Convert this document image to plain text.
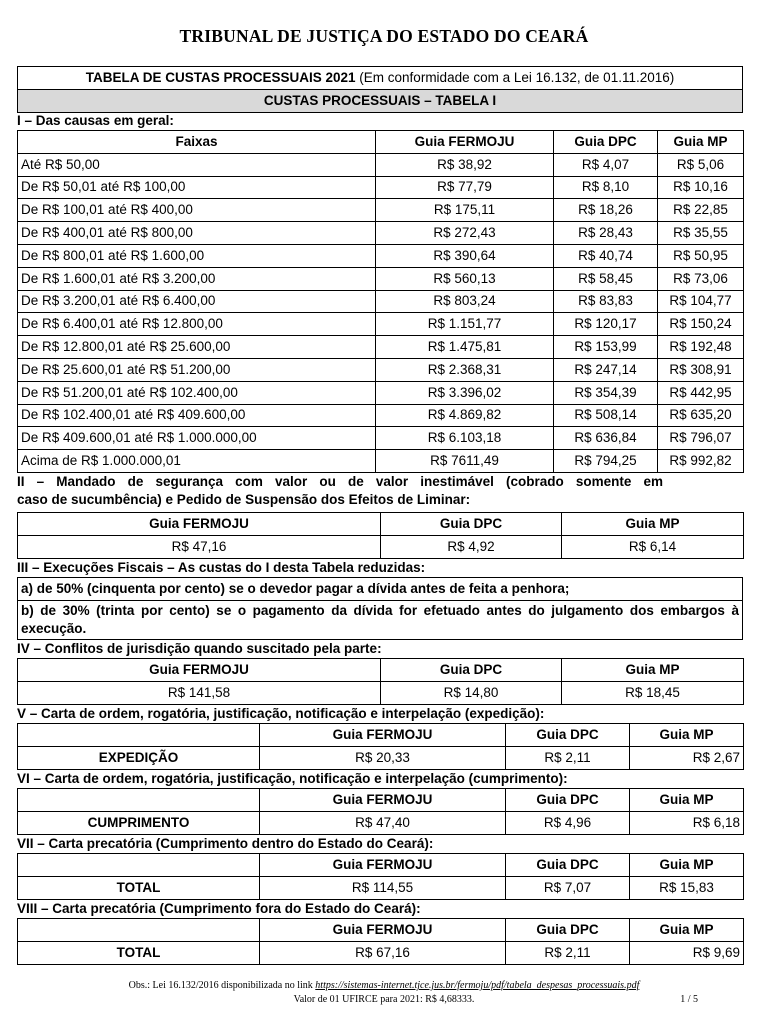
TRIBUNAL DE JUSTIÇA DO ESTADO DO CEARÁ
TABELA DE CUSTAS PROCESSUAIS 2021 (Em conformidade com a Lei 16.132, de 01.11.2016)
CUSTAS PROCESSUAIS – TABELA I
I – Das causas em geral:
Faixas	Guia FERMOJU	Guia DPC	Guia MP
Até R$ 50,00	R$ 38,92	R$ 4,07	R$ 5,06
De R$ 50,01 até R$ 100,00	R$ 77,79	R$ 8,10	R$ 10,16
De R$ 100,01 até R$ 400,00	R$ 175,11	R$ 18,26	R$ 22,85
De R$ 400,01 até R$ 800,00	R$ 272,43	R$ 28,43	R$ 35,55
De R$ 800,01 até R$ 1.600,00	R$ 390,64	R$ 40,74	R$ 50,95
De R$ 1.600,01 até R$ 3.200,00	R$ 560,13	R$ 58,45	R$ 73,06
De R$ 3.200,01 até R$ 6.400,00	R$ 803,24	R$ 83,83	R$ 104,77
De R$ 6.400,01 até R$ 12.800,00	R$ 1.151,77	R$ 120,17	R$ 150,24
De R$ 12.800,01 até R$ 25.600,00	R$ 1.475,81	R$ 153,99	R$ 192,48
De R$ 25.600,01 até R$ 51.200,00	R$ 2.368,31	R$ 247,14	R$ 308,91
De R$ 51.200,01 até R$ 102.400,00	R$ 3.396,02	R$ 354,39	R$ 442,95
De R$ 102.400,01 até R$ 409.600,00	R$ 4.869,82	R$ 508,14	R$ 635,20
De R$ 409.600,01 até R$ 1.000.000,00	R$ 6.103,18	R$ 636,84	R$ 796,07
Acima de R$ 1.000.000,01	R$ 7611,49	R$ 794,25	R$ 992,82
II – Mandado de segurança com valor ou de valor inestimável (cobrado somente em
caso de sucumbência) e Pedido de Suspensão dos Efeitos de Liminar:
Guia FERMOJU	Guia DPC	Guia MP
R$ 47,16	R$ 4,92	R$ 6,14
III – Execuções Fiscais – As custas do I desta Tabela reduzidas:
a) de 50% (cinquenta por cento) se o devedor pagar a dívida antes de feita a penhora;
b) de 30% (trinta por cento) se o pagamento da dívida for efetuado antes do julgamento dos embargos à execução.
IV – Conflitos de jurisdição quando suscitado pela parte:
Guia FERMOJU	Guia DPC	Guia MP
R$ 141,58	R$ 14,80	R$ 18,45
V – Carta de ordem, rogatória, justificação, notificação e interpelação (expedição):
	Guia FERMOJU	Guia DPC	Guia MP
EXPEDIÇÃO	R$ 20,33	R$ 2,11	R$ 2,67
VI – Carta de ordem, rogatória, justificação, notificação e interpelação (cumprimento):
	Guia FERMOJU	Guia DPC	Guia MP
CUMPRIMENTO	R$ 47,40	R$ 4,96	R$ 6,18
VII – Carta precatória (Cumprimento dentro do Estado do Ceará):
	Guia FERMOJU	Guia DPC	Guia MP
TOTAL	R$ 114,55	R$ 7,07	R$ 15,83
VIII – Carta precatória (Cumprimento fora do Estado do Ceará):
	Guia FERMOJU	Guia DPC	Guia MP
TOTAL	R$ 67,16	R$ 2,11	R$ 9,69
Obs.: Lei 16.132/2016 disponibilizada no link https://sistemas-internet.tjce.jus.br/fermoju/pdf/tabela_despesas_processuais.pdf
Valor de 01 UFIRCE para 2021: R$ 4,68333.	1 / 5
